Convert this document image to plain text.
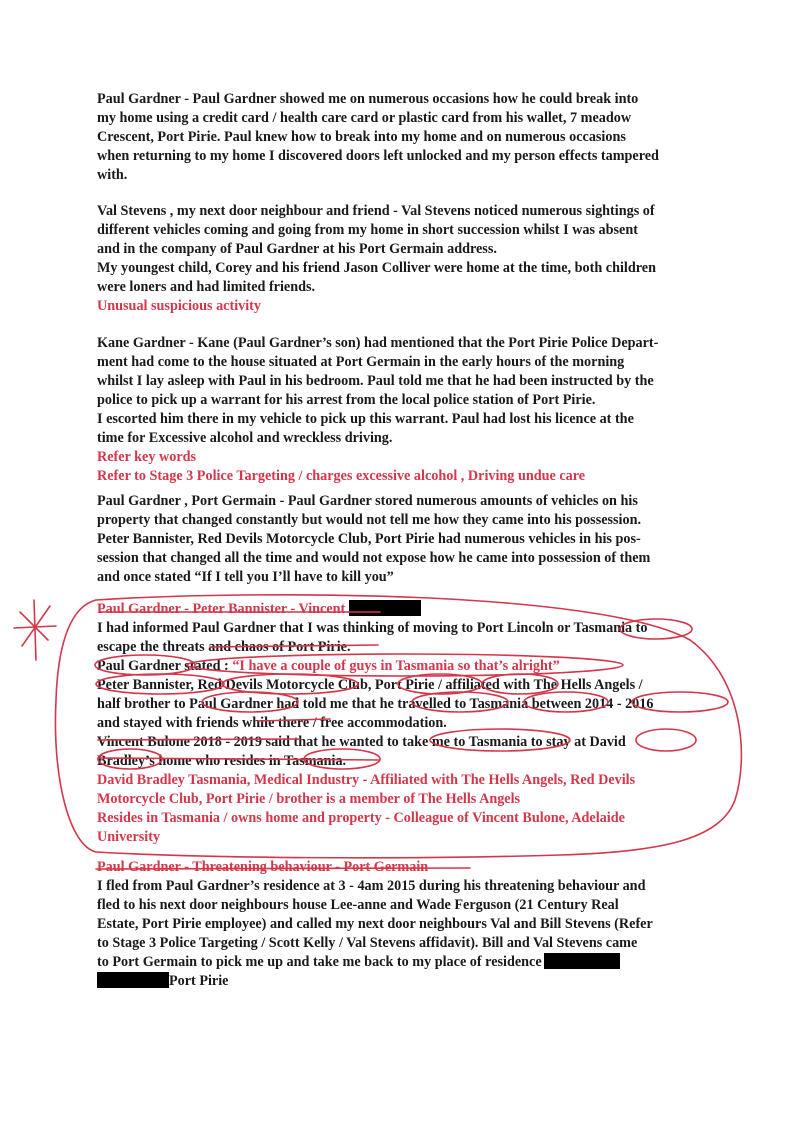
Paul Gardner - Paul Gardner showed me on numerous occasions how he could break into
my home using a credit card / health care card or plastic card from his wallet, 7 meadow
Crescent, Port Pirie. Paul knew how to break into my home and on numerous occasions
when returning to my home I discovered doors left unlocked and my person effects tampered
with.
Val Stevens , my next door neighbour and friend - Val Stevens noticed numerous sightings of
different vehicles coming and going from my home in short succession whilst I was absent
and in the company of Paul Gardner at his Port Germain address.
My youngest child, Corey and his friend Jason Colliver were home at the time, both children
were loners and had limited friends.
Unusual suspicious activity
Kane Gardner - Kane (Paul Gardner’s son) had mentioned that the Port Pirie Police Depart-
ment had come to the house situated at Port Germain in the early hours of the morning
whilst I lay asleep with Paul in his bedroom. Paul told me that he had been instructed by the
police to pick up a warrant for his arrest from the local police station of Port Pirie.
I escorted him there in my vehicle to pick up this warrant. Paul had lost his licence at the
time for Excessive alcohol and wreckless driving.
Refer key words
Refer to Stage 3 Police Targeting / charges excessive alcohol , Driving undue care
Paul Gardner , Port Germain - Paul Gardner stored numerous amounts of vehicles on his
property that changed constantly but would not tell me how they came into his possession.
Peter Bannister, Red Devils Motorcycle Club, Port Pirie had numerous vehicles in his pos-
session that changed all the time and would not expose how he came into possession of them
and once stated “If I tell you I’ll have to kill you”
Paul Gardner - Peter Bannister - Vincent
I had informed Paul Gardner that I was thinking of moving to Port Lincoln or Tasmania to
escape the threats and chaos of Port Pirie.
Paul Gardner stated : “I have a couple of guys in Tasmania so that’s alright”
Peter Bannister, Red Devils Motorcycle Club, Port Pirie / affiliated with The Hells Angels /
half brother to Paul Gardner had told me that he travelled to Tasmania between 2014 - 2016
and stayed with friends while there / free accommodation.
Vincent Bulone 2018 - 2019 said that he wanted to take me to Tasmania to stay at David
Bradley’s home who resides in Tasmania.
David Bradley Tasmania, Medical Industry - Affiliated with The Hells Angels, Red Devils
Motorcycle Club, Port Pirie / brother is a member of The Hells Angels
Resides in Tasmania / owns home and property - Colleague of Vincent Bulone, Adelaide
University
Paul Gardner - Threatening behaviour - Port Germain
I fled from Paul Gardner’s residence at 3 - 4am 2015 during his threatening behaviour and
fled to his next door neighbours house Lee-anne and Wade Ferguson (21 Century Real
Estate, Port Pirie employee) and called my next door neighbours Val and Bill Stevens (Refer
to Stage 3 Police Targeting / Scott Kelly / Val Stevens affidavit). Bill and Val Stevens came
to Port Germain to pick me up and take me back to my place of residence
Port Pirie
